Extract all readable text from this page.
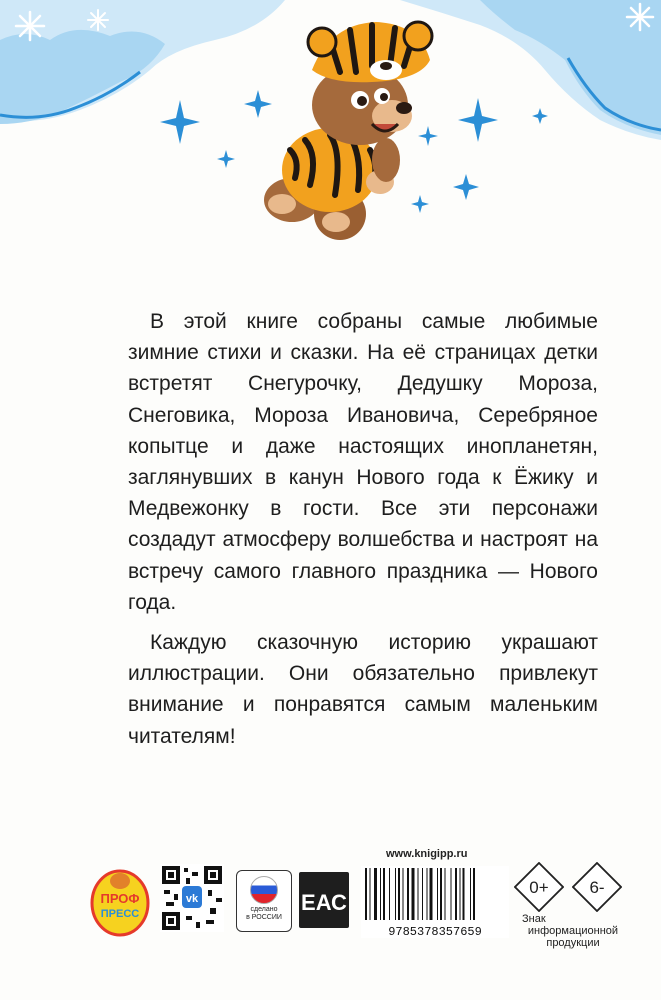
В этой книге собраны самые любимые зимние стихи и сказки. На её страницах детки встретят Снегурочку, Дедушку Мороза, Снеговика, Мороза Ивановича, Серебряное копытце и даже настоящих инопланетян, заглянувших в канун Нового года к Ёжику и Медвежонку в гости. Все эти персонажи создадут атмосферу волшебства и настроят на встречу самого главного праздника — Нового года.

Каждую сказочную историю украшают иллюстрации. Они обязательно привлекут внимание и понравятся самым маленьким читателям!

www.knigipp.ru
ПРОФ
ПРЕСС
vk
сделано
в РОССИИ
ЕАС
9785378357659
0+ 6-
Знак
информационной
продукции
